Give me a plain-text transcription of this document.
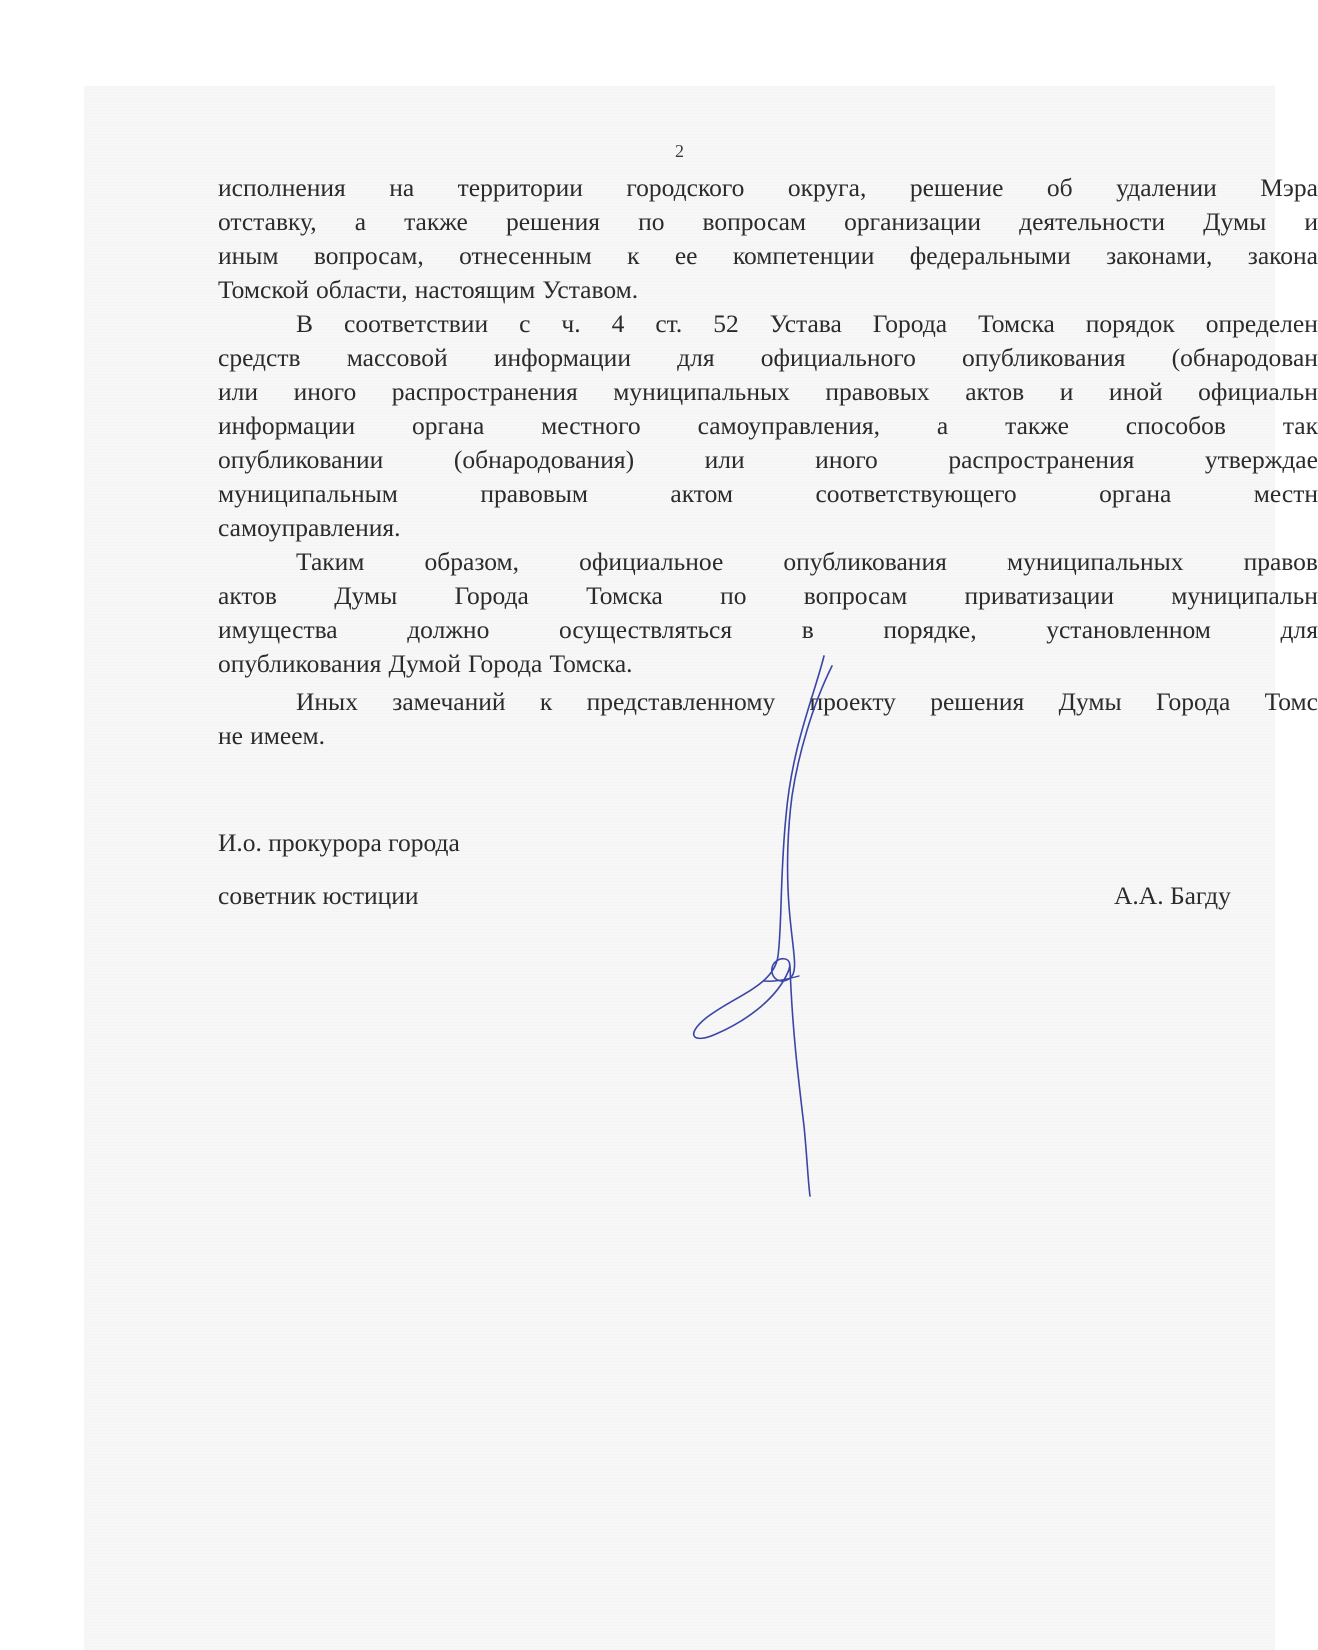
2
исполнения на территории городского округа, решение об удалении Мэра
отставку, а также решения по вопросам организации деятельности Думы и
иным вопросам, отнесенным к ее компетенции федеральными законами, закона
Томской области, настоящим Уставом.
В соответствии с ч. 4 ст. 52 Устава Города Томска порядок определен
средств массовой информации для официального опубликования (обнародован
или иного распространения муниципальных правовых актов и иной официальн
информации органа местного самоуправления, а также способов так
опубликовании	(обнародования)	или	иного	распространения	утверждае
муниципальным	правовым	актом	соответствующего	органа	местн
самоуправления.
Таким образом, официальное опубликования муниципальных правов
актов Думы Города Томска по вопросам приватизации муниципальн
имущества	должно	осуществляться	в	порядке,	установленном	для
опубликования Думой Города Томска.
Иных замечаний к представленному проекту решения Думы Города Томс
не имеем.
И.о. прокурора города
советник юстиции	А.А. Багду
